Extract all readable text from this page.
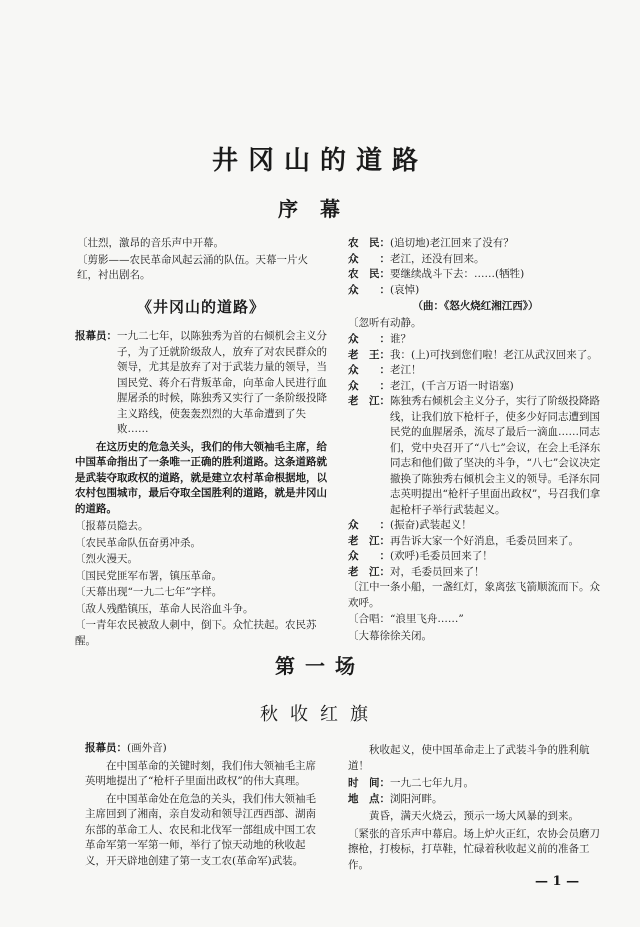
井冈山的道路
序幕

〔壮烈，激昂的音乐声中开幕。

〔剪影——农民革命风起云涌的队伍。天幕一片火红，衬出剧名。

《井冈山的道路》
报幕员： 一九二七年，以陈独秀为首的右倾机会主义分子，为了迁就阶级敌人，放弃了对农民群众的领导，尤其是放弃了对于武装力量的领导，当国民党、蒋介石背叛革命，向革命人民进行血腥屠杀的时候，陈独秀又实行了一条阶级投降主义路线，使轰轰烈烈的大革命遭到了失败……

在这历史的危急关头，我们的伟大领袖毛主席，给中国革命指出了一条唯一正确的胜利道路。这条道路就是武装夺取政权的道路，就是建立农村革命根据地，以农村包围城市，最后夺取全国胜利的道路，就是井冈山的道路。

〔报幕员隐去。

〔农民革命队伍奋勇冲杀。

〔烈火漫天。

〔国民党匪军布署，镇压革命。

〔天幕出现“一九二七年”字样。

〔敌人残酷镇压，革命人民浴血斗争。

〔一青年农民被敌人刺中，倒下。众忙扶起。农民苏醒。

农　民： (追切地)老江回来了没有？
众　　： 老江，还没有回来。
农　民： 要继续战斗下去：……(牺牲)
众　　： (哀悼)
（曲：《怒火烧红湘江西》）

〔忽听有动静。

众　　： 谁？
老　王： 我：(上)可找到您们啦！老江从武汉回来了。
众　　： 老江！
众　　： 老江，(千言万语一时语塞)
老　江： 陈独秀右倾机会主义分子，实行了阶级投降路线，让我们放下枪杆子，使多少好同志遭到国民党的血腥屠杀，流尽了最后一滴血……同志们，党中央召开了“八七”会议，在会上毛泽东同志和他们做了坚决的斗争，“八七”会议决定撤换了陈独秀右倾机会主义的领导。毛泽东同志英明提出“枪杆子里面出政权”，号召我们拿起枪杆子举行武装起义。
众　　： (振奋)武装起义！
老　江： 再告诉大家一个好消息，毛委员回来了。
众　　： (欢呼)毛委员回来了！
老　江： 对，毛委员回来了！

〔江中一条小船，一盏红灯，象离弦飞箭顺流而下。众欢呼。

〔合唱：“浪里飞舟……”

〔大幕徐徐关闭。

第一场
秋收红旗
报幕员： (画外音)

在中国革命的关键时刻，我们伟大领袖毛主席英明地提出了“枪杆子里面出政权”的伟大真理。

在中国革命处在危急的关头，我们伟大领袖毛主席回到了湘南，亲自发动和领导江西西部、湖南东部的革命工人、农民和北伐军一部组成中国工农革命军第一军第一师，举行了惊天动地的秋收起义，开天辟地创建了第一支工农(革命军)武装。

秋收起义，使中国革命走上了武装斗争的胜利航道！

时　间： 一九二七年九月。
地　点： 浏阳河畔。

黄昏，满天火烧云，预示一场大风暴的到来。

〔紧张的音乐声中幕启。场上炉火正红，农协会员磨刀擦枪，打梭标，打草鞋，忙碌着秋收起义前的准备工作。

— 1 —
